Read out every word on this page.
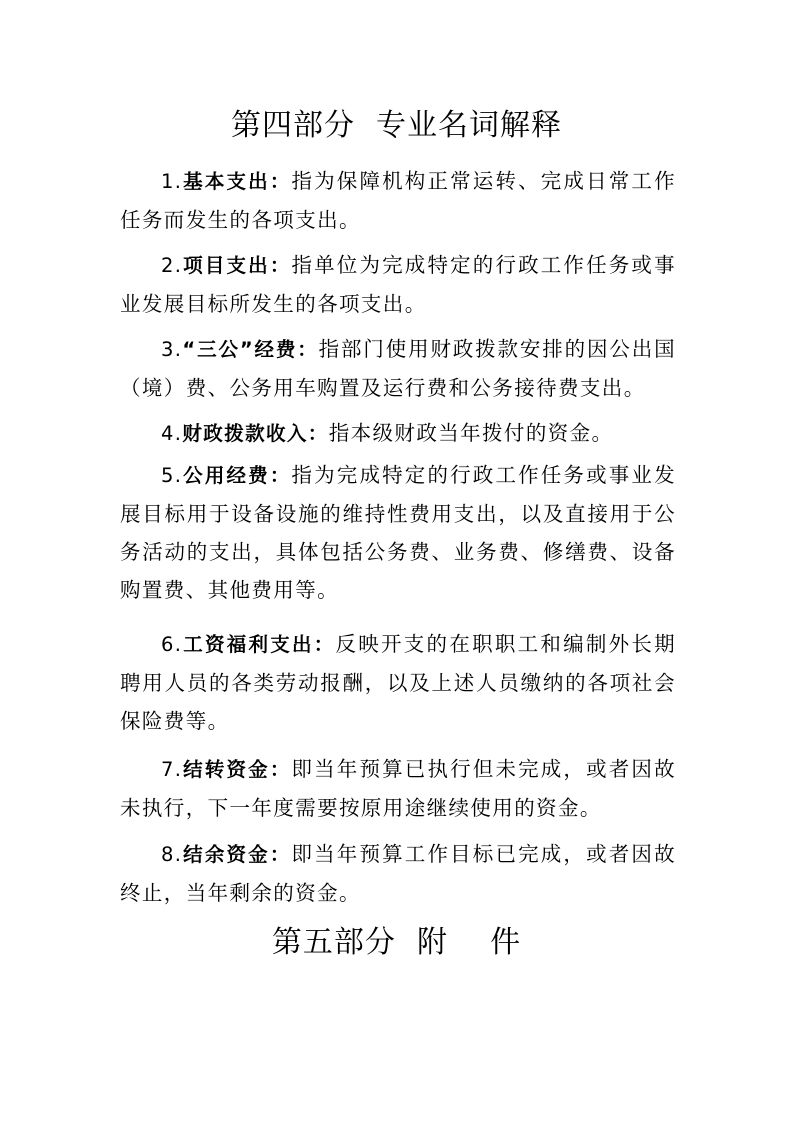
第四部分  专业名词解释

1.基本支出：指为保障机构正常运转、完成日常工作任务而发生的各项支出。

2.项目支出：指单位为完成特定的行政工作任务或事业发展目标所发生的各项支出。

3.“三公”经费：指部门使用财政拨款安排的因公出国（境）费、公务用车购置及运行费和公务接待费支出。

4.财政拨款收入：指本级财政当年拨付的资金。

5.公用经费：指为完成特定的行政工作任务或事业发展目标用于设备设施的维持性费用支出，以及直接用于公务活动的支出，具体包括公务费、业务费、修缮费、设备购置费、其他费用等。

6.工资福利支出：反映开支的在职职工和编制外长期聘用人员的各类劳动报酬，以及上述人员缴纳的各项社会保险费等。

7.结转资金：即当年预算已执行但未完成，或者因故未执行，下一年度需要按原用途继续使用的资金。

8.结余资金：即当年预算工作目标已完成，或者因故终止，当年剩余的资金。

第五部分  附    件
